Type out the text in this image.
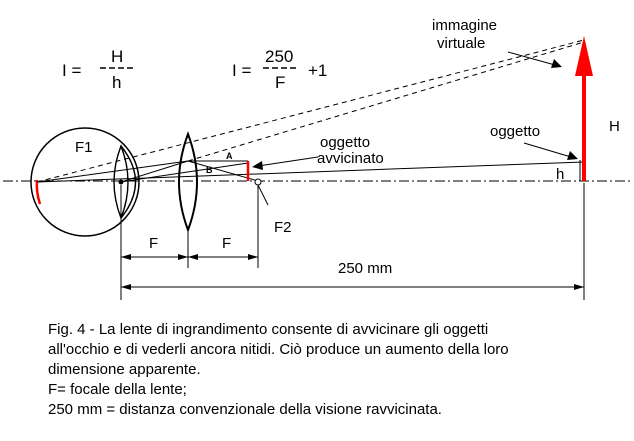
I =
H
h
I =
250
F
+1
F1
F2
oggetto
avvicinato
A
B
oggetto
h
immagine
virtuale
H
F	F
250 mm
Fig. 4 - La lente di ingrandimento consente di avvicinare gli oggetti
all'occhio e di vederli ancora nitidi. Ciò produce un aumento della loro
dimensione apparente.
F= focale della lente;
250 mm = distanza convenzionale della visione ravvicinata.
